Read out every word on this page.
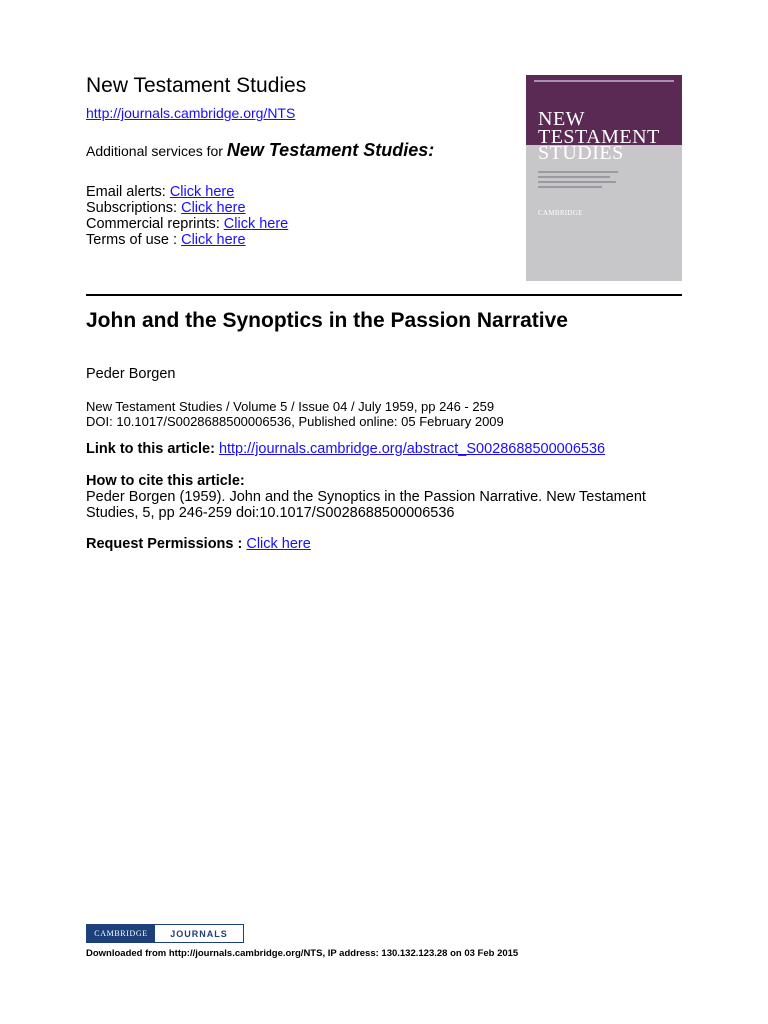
New Testament Studies
http://journals.cambridge.org/NTS
Additional services for New Testament Studies:
Email alerts: Click here
Subscriptions: Click here
Commercial reprints: Click here
Terms of use : Click here
NEW
TESTAMENT
STUDIES
CAMBRIDGE
John and the Synoptics in the Passion Narrative
Peder Borgen
New Testament Studies / Volume 5 / Issue 04 / July 1959, pp 246 - 259
DOI: 10.1017/S0028688500006536, Published online: 05 February 2009
Link to this article: http://journals.cambridge.org/abstract_S0028688500006536
How to cite this article:
Peder Borgen (1959). John and the Synoptics in the Passion Narrative. New Testament Studies, 5, pp 246-259 doi:10.1017/S0028688500006536
Request Permissions : Click here
CAMBRIDGE	JOURNALS
Downloaded from http://journals.cambridge.org/NTS, IP address: 130.132.123.28 on 03 Feb 2015
